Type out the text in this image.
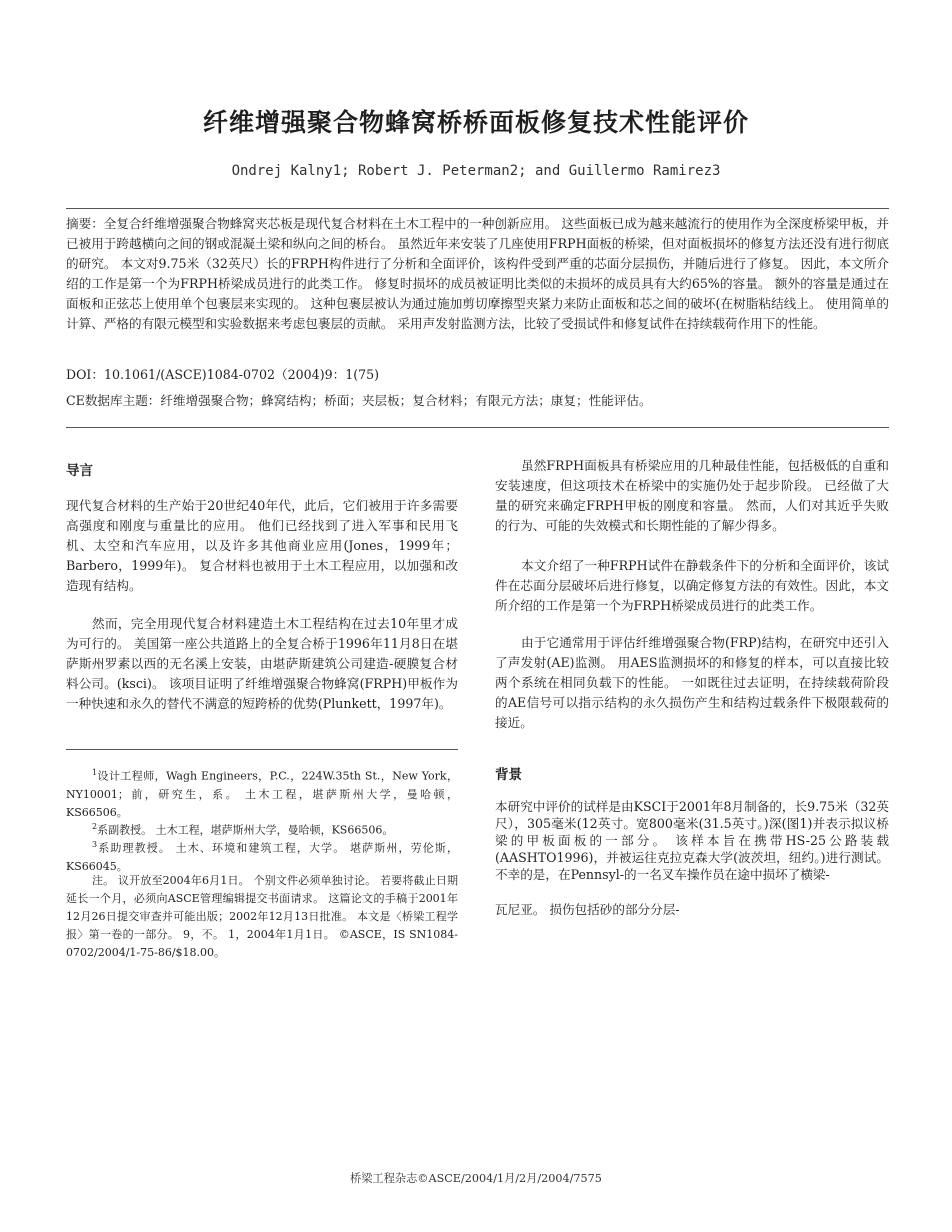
纤维增强聚合物蜂窝桥桥面板修复技术性能评价
Ondrej Kalny1; Robert J. Peterman2; and Guillermo Ramirez3

摘要：全复合纤维增强聚合物蜂窝夹芯板是现代复合材料在土木工程中的一种创新应用。 这些面板已成为越来越流行的使用作为全深度桥梁甲板，并已被用于跨越横向之间的钢或混凝土梁和纵向之间的桥台。 虽然近年来安装了几座使用FRPH面板的桥梁，但对面板损坏的修复方法还没有进行彻底的研究。 本文对9.75米（32英尺）长的FRPH构件进行了分析和全面评价，该构件受到严重的芯面分层损伤，并随后进行了修复。 因此，本文所介绍的工作是第一个为FRPH桥梁成员进行的此类工作。 修复时损坏的成员被证明比类似的未损坏的成员具有大约65%的容量。 额外的容量是通过在面板和正弦芯上使用单个包裹层来实现的。 这种包裹层被认为通过施加剪切摩擦型夹紧力来防止面板和芯之间的破坏(在树脂粘结线上。 使用简单的计算、严格的有限元模型和实验数据来考虑包裹层的贡献。 采用声发射监测方法，比较了受损试件和修复试件在持续载荷作用下的性能。

DOI：10.1061/(ASCE)1084-0702（2004)9：1(75)

CE数据库主题：纤维增强聚合物；蜂窝结构；桥面；夹层板；复合材料；有限元方法；康复；性能评估。

导言

现代复合材料的生产始于20世纪40年代，此后，它们被用于许多需要高强度和刚度与重量比的应用。 他们已经找到了进入军事和民用飞机、太空和汽车应用，以及许多其他商业应用(Jones，1999年；Barbero，1999年)。 复合材料也被用于土木工程应用，以加强和改造现有结构。

然而，完全用现代复合材料建造土木工程结构在过去10年里才成为可行的。 美国第一座公共道路上的全复合桥于1996年11月8日在堪萨斯州罗素以西的无名溪上安装，由堪萨斯建筑公司建造-硬膜复合材料公司。(ksci)。 该项目证明了纤维增强聚合物蜂窝(FRPH)甲板作为一种快速和永久的替代不满意的短跨桥的优势(Plunkett，1997年)。

$^1$设计工程师，Wagh Engineers，P.C.，224W.35th St.，New York，NY10001；前，研究生，系。 土木工程，堪萨斯州大学，曼哈顿，KS66506。

$^2$系副教授。 土木工程，堪萨斯州大学，曼哈顿，KS66506。

$^3$系助理教授。 土木、环境和建筑工程，大学。 堪萨斯州，劳伦斯，KS66045。

注。 议开放至2004年6月1日。 个别文件必须单独讨论。 若要将截止日期延长一个月，必须向ASCE管理编辑提交书面请求。 这篇论文的手稿于2001年12月26日提交审查并可能出版；2002年12月13日批准。 本文是〈桥梁工程学报〉第一卷的一部分。 9，不。 1，2004年1月1日。 ©ASCE，IS SN1084-0702/2004/1-75-86/$18.00。

虽然FRPH面板具有桥梁应用的几种最佳性能，包括极低的自重和安装速度，但这项技术在桥梁中的实施仍处于起步阶段。 已经做了大量的研究来确定FRPH甲板的刚度和容量。 然而，人们对其近乎失败的行为、可能的失效模式和长期性能的了解少得多。

本文介绍了一种FRPH试件在静载条件下的分析和全面评价，该试件在芯面分层破坏后进行修复，以确定修复方法的有效性。因此，本文所介绍的工作是第一个为FRPH桥梁成员进行的此类工作。

由于它通常用于评估纤维增强聚合物(FRP)结构，在研究中还引入了声发射(AE)监测。 用AES监测损坏的和修复的样本，可以直接比较两个系统在相同负载下的性能。 一如既往过去证明，在持续载荷阶段的AE信号可以指示结构的永久损伤产生和结构过载条件下极限载荷的接近。

背景

本研究中评价的试样是由KSCI于2001年8月制备的，长9.75米（32英尺），305毫米(12英寸。宽800毫米(31.5英寸。)深(图1)并表示拟议桥梁的甲板面板的一部分。 该样本旨在携带HS-25公路装载(AASHTO1996)，并被运往克拉克森大学(波茨坦，纽约。)进行测试。 不幸的是，在Pennsyl-的一名叉车操作员在途中损坏了横梁-

瓦尼亚。 损伤包括砂的部分分层-

桥梁工程杂志©ASCE/2004/1月/2月/2004/7575
